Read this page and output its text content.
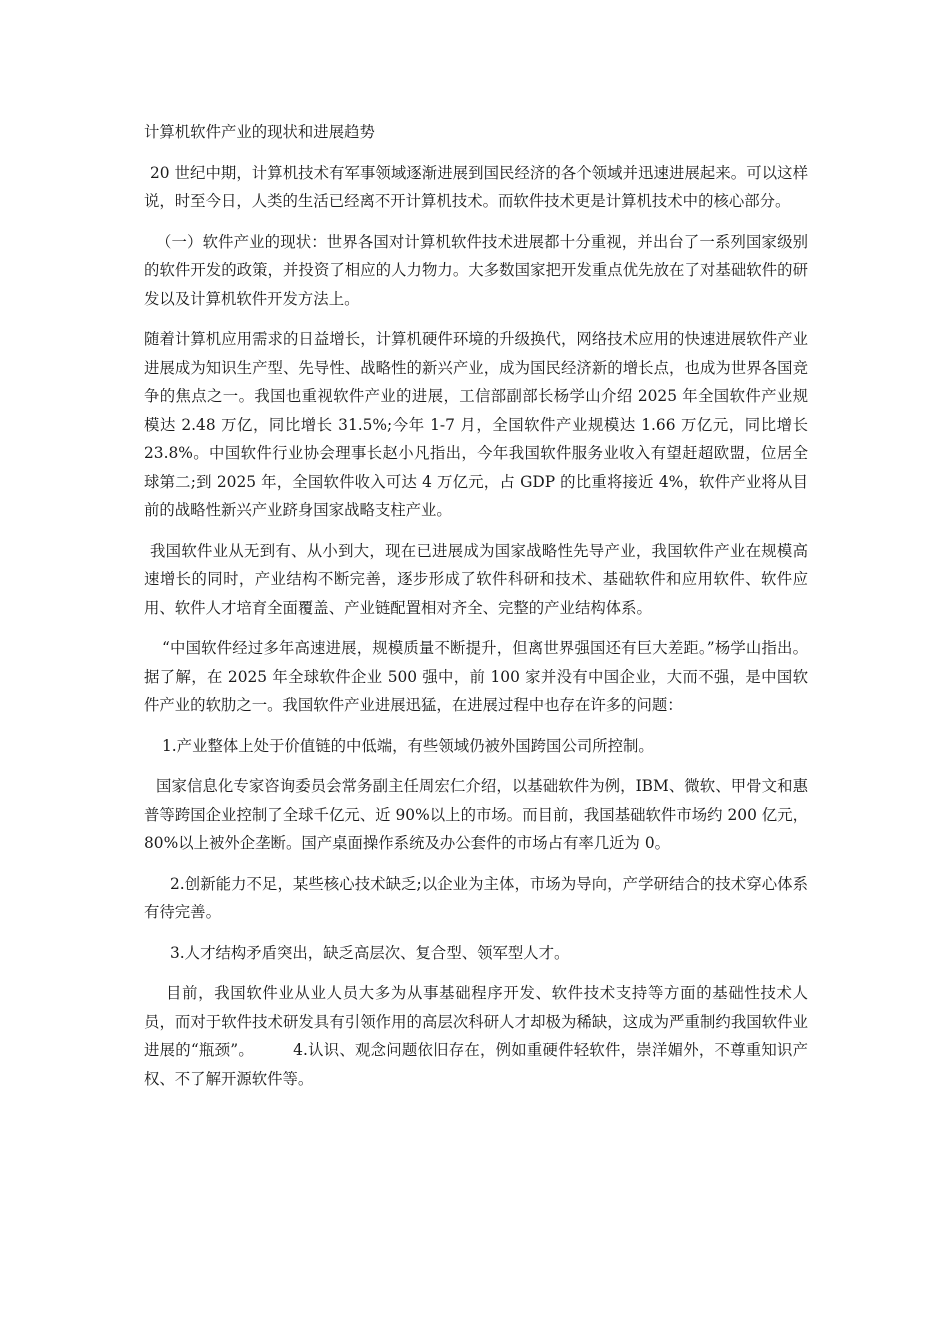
计算机软件产业的现状和进展趋势

20 世纪中期，计算机技术有军事领域逐渐进展到国民经济的各个领域并迅速进展起来。可以这样说，时至今日，人类的生活已经离不开计算机技术。而软件技术更是计算机技术中的核心部分。

（一）软件产业的现状：世界各国对计算机软件技术进展都十分重视，并出台了一系列国家级别的软件开发的政策，并投资了相应的人力物力。大多数国家把开发重点优先放在了对基础软件的研发以及计算机软件开发方法上。

随着计算机应用需求的日益增长，计算机硬件环境的升级换代，网络技术应用的快速进展软件产业进展成为知识生产型、先导性、战略性的新兴产业，成为国民经济新的增长点，也成为世界各国竞争的焦点之一。我国也重视软件产业的进展，工信部副部长杨学山介绍 2025 年全国软件产业规模达 2.48 万亿，同比增长 31.5%;今年 1-7 月，全国软件产业规模达 1.66 万亿元，同比增长 23.8%。中国软件行业协会理事长赵小凡指出，今年我国软件服务业收入有望赶超欧盟，位居全球第二;到 2025 年，全国软件收入可达 4 万亿元，占 GDP 的比重将接近 4%，软件产业将从目前的战略性新兴产业跻身国家战略支柱产业。

我国软件业从无到有、从小到大，现在已进展成为国家战略性先导产业，我国软件产业在规模高速增长的同时，产业结构不断完善，逐步形成了软件科研和技术、基础软件和应用软件、软件应用、软件人才培育全面覆盖、产业链配置相对齐全、完整的产业结构体系。

“中国软件经过多年高速进展，规模质量不断提升，但离世界强国还有巨大差距。”杨学山指出。据了解，在 2025 年全球软件企业 500 强中，前 100 家并没有中国企业，大而不强，是中国软件产业的软肋之一。我国软件产业进展迅猛，在进展过程中也存在许多的问题：

1.产业整体上处于价值链的中低端，有些领域仍被外国跨国公司所控制。

国家信息化专家咨询委员会常务副主任周宏仁介绍，以基础软件为例，IBM、微软、甲骨文和惠普等跨国企业控制了全球千亿元、近 90%以上的市场。而目前，我国基础软件市场约 200 亿元，80%以上被外企垄断。国产桌面操作系统及办公套件的市场占有率几近为 0。

2.创新能力不足，某些核心技术缺乏;以企业为主体，市场为导向，产学研结合的技术穿心体系有待完善。

3.人才结构矛盾突出，缺乏高层次、复合型、领军型人才。

目前，我国软件业从业人员大多为从事基础程序开发、软件技术支持等方面的基础性技术人员，而对于软件技术研发具有引领作用的高层次科研人才却极为稀缺，这成为严重制约我国软件业进展的“瓶颈”。　　　4.认识、观念问题依旧存在，例如重硬件轻软件，崇洋媚外，不尊重知识产权、不了解开源软件等。
